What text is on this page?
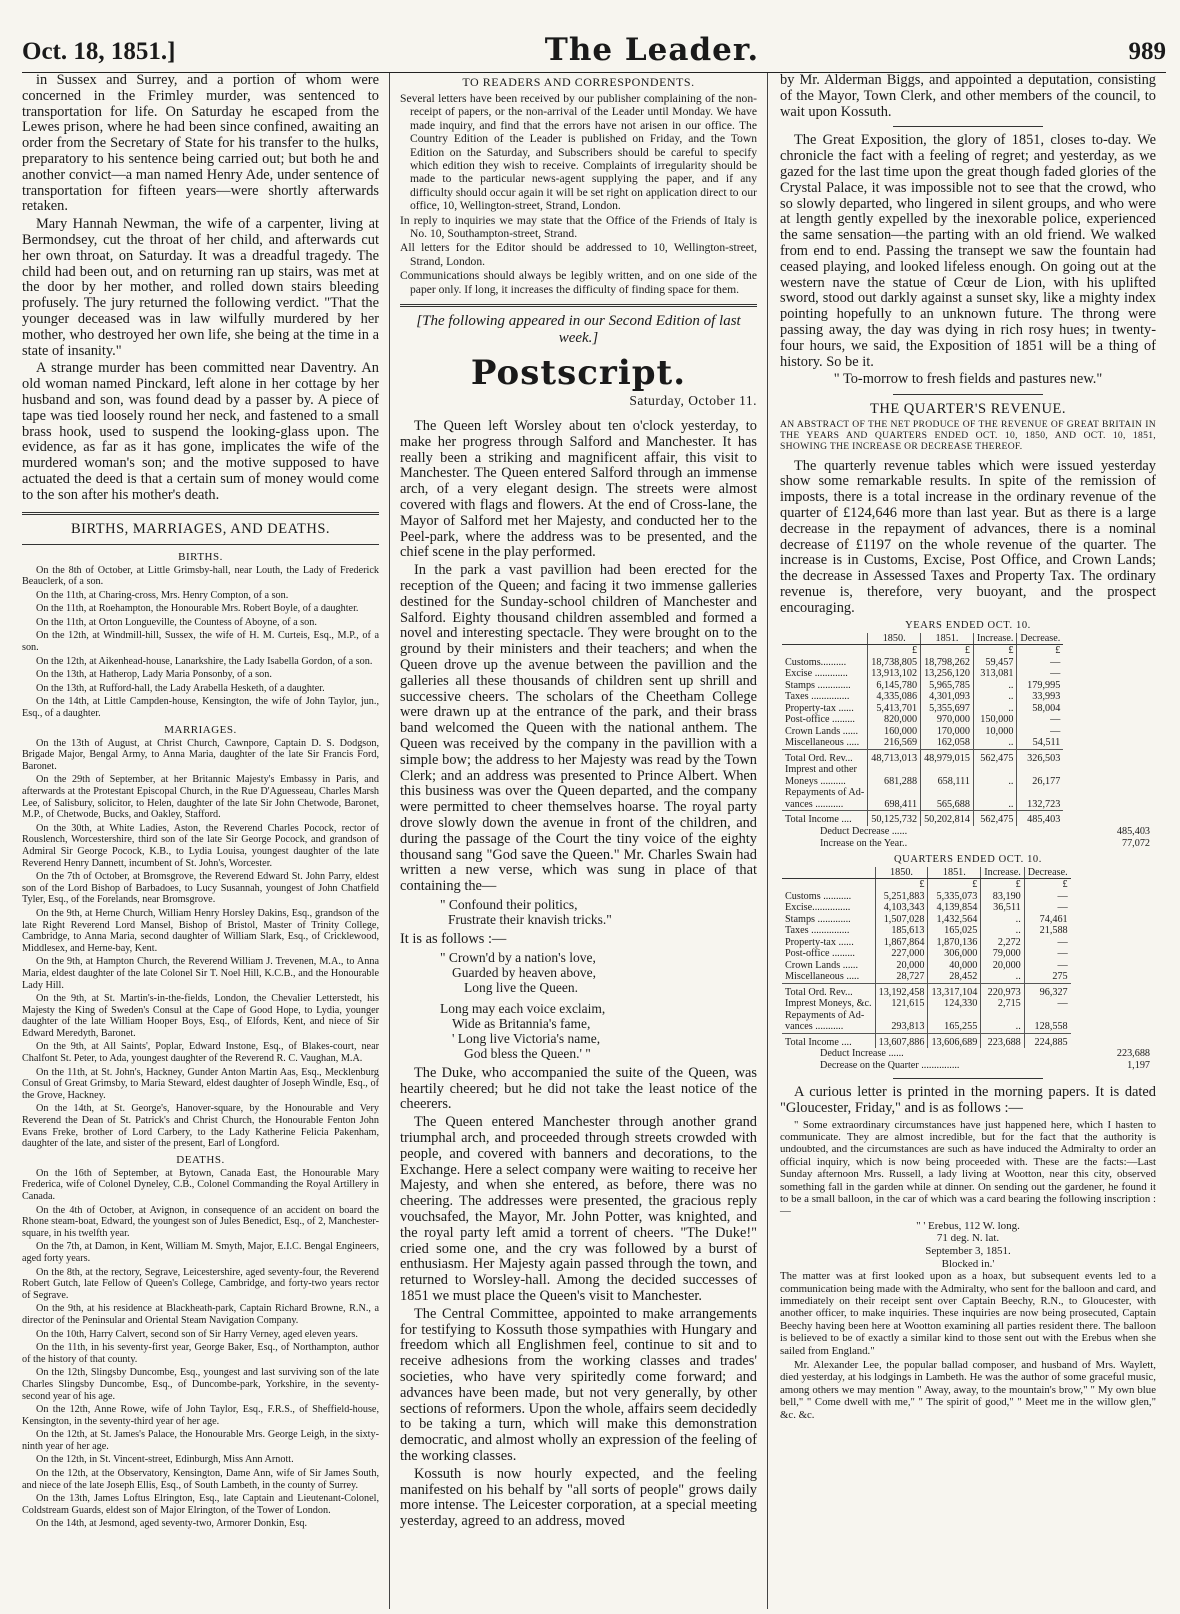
Oct. 18, 1851.]	The Leader.	989

in Sussex and Surrey, and a portion of whom were concerned in the Frimley murder, was sentenced to transportation for life. On Saturday he escaped from the Lewes prison, where he had been since confined, awaiting an order from the Secretary of State for his transfer to the hulks, preparatory to his sentence being carried out; but both he and another convict—a man named Henry Ade, under sentence of transportation for fifteen years—were shortly afterwards retaken.

Mary Hannah Newman, the wife of a carpenter, living at Bermondsey, cut the throat of her child, and afterwards cut her own throat, on Saturday. It was a dreadful tragedy. The child had been out, and on returning ran up stairs, was met at the door by her mother, and rolled down stairs bleeding profusely. The jury returned the following verdict. "That the younger deceased was in law wilfully murdered by her mother, who destroyed her own life, she being at the time in a state of insanity."

A strange murder has been committed near Daventry. An old woman named Pinckard, left alone in her cottage by her husband and son, was found dead by a passer by. A piece of tape was tied loosely round her neck, and fastened to a small brass hook, used to suspend the looking-glass upon. The evidence, as far as it has gone, implicates the wife of the murdered woman's son; and the motive supposed to have actuated the deed is that a certain sum of money would come to the son after his mother's death.

BIRTHS, MARRIAGES, AND DEATHS.
BIRTHS.

On the 8th of October, at Little Grimsby-hall, near Louth, the Lady of Frederick Beauclerk, of a son.

On the 11th, at Charing-cross, Mrs. Henry Compton, of a son.

On the 11th, at Roehampton, the Honourable Mrs. Robert Boyle, of a daughter.

On the 11th, at Orton Longueville, the Countess of Aboyne, of a son.

On the 12th, at Windmill-hill, Sussex, the wife of H. M. Curteis, Esq., M.P., of a son.

On the 12th, at Aikenhead-house, Lanarkshire, the Lady Isabella Gordon, of a son.

On the 13th, at Hatherop, Lady Maria Ponsonby, of a son.

On the 13th, at Rufford-hall, the Lady Arabella Hesketh, of a daughter.

On the 14th, at Little Campden-house, Kensington, the wife of John Taylor, jun., Esq., of a daughter.

MARRIAGES.

On the 13th of August, at Christ Church, Cawnpore, Captain D. S. Dodgson, Brigade Major, Bengal Army, to Anna Maria, daughter of the late Sir Francis Ford, Baronet.

On the 29th of September, at her Britannic Majesty's Embassy in Paris, and afterwards at the Protestant Episcopal Church, in the Rue D'Aguesseau, Charles Marsh Lee, of Salisbury, solicitor, to Helen, daughter of the late Sir John Chetwode, Baronet, M.P., of Chetwode, Bucks, and Oakley, Stafford.

On the 30th, at White Ladies, Aston, the Reverend Charles Pocock, rector of Rouslench, Worcestershire, third son of the late Sir George Pocock, and grandson of Admiral Sir George Pocock, K.B., to Lydia Louisa, youngest daughter of the late Reverend Henry Dannett, incumbent of St. John's, Worcester.

On the 7th of October, at Bromsgrove, the Reverend Edward St. John Parry, eldest son of the Lord Bishop of Barbadoes, to Lucy Susannah, youngest of John Chatfield Tyler, Esq., of the Forelands, near Bromsgrove.

On the 9th, at Herne Church, William Henry Horsley Dakins, Esq., grandson of the late Right Reverend Lord Mansel, Bishop of Bristol, Master of Trinity College, Cambridge, to Anna Maria, second daughter of William Slark, Esq., of Cricklewood, Middlesex, and Herne-bay, Kent.

On the 9th, at Hampton Church, the Reverend William J. Trevenen, M.A., to Anna Maria, eldest daughter of the late Colonel Sir T. Noel Hill, K.C.B., and the Honourable Lady Hill.

On the 9th, at St. Martin's-in-the-fields, London, the Chevalier Letterstedt, his Majesty the King of Sweden's Consul at the Cape of Good Hope, to Lydia, younger daughter of the late William Hooper Boys, Esq., of Elfords, Kent, and niece of Sir Edward Meredyth, Baronet.

On the 9th, at All Saints', Poplar, Edward Instone, Esq., of Blakes-court, near Chalfont St. Peter, to Ada, youngest daughter of the Reverend R. C. Vaughan, M.A.

On the 11th, at St. John's, Hackney, Gunder Anton Martin Aas, Esq., Mecklenburg Consul of Great Grimsby, to Maria Steward, eldest daughter of Joseph Windle, Esq., of the Grove, Hackney.

On the 14th, at St. George's, Hanover-square, by the Honourable and Very Reverend the Dean of St. Patrick's and Christ Church, the Honourable Fenton John Evans Freke, brother of Lord Carbery, to the Lady Katherine Felicia Pakenham, daughter of the late, and sister of the present, Earl of Longford.

DEATHS.

On the 16th of September, at Bytown, Canada East, the Honourable Mary Frederica, wife of Colonel Dyneley, C.B., Colonel Commanding the Royal Artillery in Canada.

On the 4th of October, at Avignon, in consequence of an accident on board the Rhone steam-boat, Edward, the youngest son of Jules Benedict, Esq., of 2, Manchester-square, in his twelfth year.

On the 7th, at Damon, in Kent, William M. Smyth, Major, E.I.C. Bengal Engineers, aged forty years.

On the 8th, at the rectory, Segrave, Leicestershire, aged seventy-four, the Reverend Robert Gutch, late Fellow of Queen's College, Cambridge, and forty-two years rector of Segrave.

On the 9th, at his residence at Blackheath-park, Captain Richard Browne, R.N., a director of the Peninsular and Oriental Steam Navigation Company.

On the 10th, Harry Calvert, second son of Sir Harry Verney, aged eleven years.

On the 11th, in his seventy-first year, George Baker, Esq., of Northampton, author of the history of that county.

On the 12th, Slingsby Duncombe, Esq., youngest and last surviving son of the late Charles Slingsby Duncombe, Esq., of Duncombe-park, Yorkshire, in the seventy-second year of his age.

On the 12th, Anne Rowe, wife of John Taylor, Esq., F.R.S., of Sheffield-house, Kensington, in the seventy-third year of her age.

On the 12th, at St. James's Palace, the Honourable Mrs. George Leigh, in the sixty-ninth year of her age.

On the 12th, in St. Vincent-street, Edinburgh, Miss Ann Arnott.

On the 12th, at the Observatory, Kensington, Dame Ann, wife of Sir James South, and niece of the late Joseph Ellis, Esq., of South Lambeth, in the county of Surrey.

On the 13th, James Loftus Elrington, Esq., late Captain and Lieutenant-Colonel, Coldstream Guards, eldest son of Major Elrington, of the Tower of London.

On the 14th, at Jesmond, aged seventy-two, Armorer Donkin, Esq.

TO READERS AND CORRESPONDENTS.

Several letters have been received by our publisher complaining of the non-receipt of papers, or the non-arrival of the Leader until Monday. We have made inquiry, and find that the errors have not arisen in our office. The Country Edition of the Leader is published on Friday, and the Town Edition on the Saturday, and Subscribers should be careful to specify which edition they wish to receive. Complaints of irregularity should be made to the particular news-agent supplying the paper, and if any difficulty should occur again it will be set right on application direct to our office, 10, Wellington-street, Strand, London.

In reply to inquiries we may state that the Office of the Friends of Italy is No. 10, Southampton-street, Strand.

All letters for the Editor should be addressed to 10, Wellington-street, Strand, London.

Communications should always be legibly written, and on one side of the paper only. If long, it increases the difficulty of finding space for them.

[The following appeared in our Second Edition of last week.]
Postscript.
Saturday, October 11.

The Queen left Worsley about ten o'clock yesterday, to make her progress through Salford and Manchester. It has really been a striking and magnificent affair, this visit to Manchester. The Queen entered Salford through an immense arch, of a very elegant design. The streets were almost covered with flags and flowers. At the end of Cross-lane, the Mayor of Salford met her Majesty, and conducted her to the Peel-park, where the address was to be presented, and the chief scene in the play performed.

In the park a vast pavillion had been erected for the reception of the Queen; and facing it two immense galleries destined for the Sunday-school children of Manchester and Salford. Eighty thousand children assembled and formed a novel and interesting spectacle. They were brought on to the ground by their ministers and their teachers; and when the Queen drove up the avenue between the pavillion and the galleries all these thousands of children sent up shrill and successive cheers. The scholars of the Cheetham College were drawn up at the entrance of the park, and their brass band welcomed the Queen with the national anthem. The Queen was received by the company in the pavillion with a simple bow; the address to her Majesty was read by the Town Clerk; and an address was presented to Prince Albert. When this business was over the Queen departed, and the company were permitted to cheer themselves hoarse. The royal party drove slowly down the avenue in front of the children, and during the passage of the Court the tiny voice of the eighty thousand sang "God save the Queen." Mr. Charles Swain had written a new verse, which was sung in place of that containing the—

" Confound their politics,
Frustrate their knavish tricks."

It is as follows :—

" Crown'd by a nation's love,
Guarded by heaven above,
Long live the Queen.
Long may each voice exclaim,
Wide as Britannia's fame,
' Long live Victoria's name,
God bless the Queen.' "

The Duke, who accompanied the suite of the Queen, was heartily cheered; but he did not take the least notice of the cheerers.

The Queen entered Manchester through another grand triumphal arch, and proceeded through streets crowded with people, and covered with banners and decorations, to the Exchange. Here a select company were waiting to receive her Majesty, and when she entered, as before, there was no cheering. The addresses were presented, the gracious reply vouchsafed, the Mayor, Mr. John Potter, was knighted, and the royal party left amid a torrent of cheers. "The Duke!" cried some one, and the cry was followed by a burst of enthusiasm. Her Majesty again passed through the town, and returned to Worsley-hall. Among the decided successes of 1851 we must place the Queen's visit to Manchester.

The Central Committee, appointed to make arrangements for testifying to Kossuth those sympathies with Hungary and freedom which all Englishmen feel, continue to sit and to receive adhesions from the working classes and trades' societies, who have very spiritedly come forward; and advances have been made, but not very generally, by other sections of reformers. Upon the whole, affairs seem decidedly to be taking a turn, which will make this demonstration democratic, and almost wholly an expression of the feeling of the working classes.

Kossuth is now hourly expected, and the feeling manifested on his behalf by "all sorts of people" grows daily more intense. The Leicester corporation, at a special meeting yesterday, agreed to an address, moved

by Mr. Alderman Biggs, and appointed a deputation, consisting of the Mayor, Town Clerk, and other members of the council, to wait upon Kossuth.

The Great Exposition, the glory of 1851, closes to-day. We chronicle the fact with a feeling of regret; and yesterday, as we gazed for the last time upon the great though faded glories of the Crystal Palace, it was impossible not to see that the crowd, who so slowly departed, who lingered in silent groups, and who were at length gently expelled by the inexorable police, experienced the same sensation—the parting with an old friend. We walked from end to end. Passing the transept we saw the fountain had ceased playing, and looked lifeless enough. On going out at the western nave the statue of Cœur de Lion, with his uplifted sword, stood out darkly against a sunset sky, like a mighty index pointing hopefully to an unknown future. The throng were passing away, the day was dying in rich rosy hues; in twenty-four hours, we said, the Exposition of 1851 will be a thing of history. So be it.

" To-morrow to fresh fields and pastures new."

THE QUARTER'S REVENUE.
AN ABSTRACT OF THE NET PRODUCE OF THE REVENUE OF GREAT BRITAIN IN THE YEARS AND QUARTERS ENDED OCT. 10, 1850, AND OCT. 10, 1851, SHOWING THE INCREASE OR DECREASE THEREOF.

The quarterly revenue tables which were issued yesterday show some remarkable results. In spite of the remission of imposts, there is a total increase in the ordinary revenue of the quarter of £124,646 more than last year. But as there is a large decrease in the repayment of advances, there is a nominal decrease of £1197 on the whole revenue of the quarter. The increase is in Customs, Excise, Post Office, and Crown Lands; the decrease in Assessed Taxes and Property Tax. The ordinary revenue is, therefore, very buoyant, and the prospect encouraging.

YEARS ENDED OCT. 10.
	1850.	1851.	Increase.	Decrease.
	£	£	£	£
Customs..........	18,738,805	18,798,262	59,457	—
Excise .............	13,913,102	13,256,120	313,081	—
Stamps .............	6,145,780	5,965,785	..	179,995
Taxes ...............	4,335,086	4,301,093	..	33,993
Property-tax ......	5,413,701	5,355,697	..	58,004
Post-office .........	820,000	970,000	150,000	—
Crown Lands ......	160,000	170,000	10,000	—
Miscellaneous .....	216,569	162,058	..	54,511
Total Ord. Rev...	48,713,013	48,979,015	562,475	326,503
Imprest and other				
Moneys ..........	681,288	658,111	..	26,177
Repayments of Ad-				
vances ...........	698,411	565,688	..	132,723
Total Income ....	50,125,732	50,202,814	562,475	485,403
Deduct Decrease ......	485,403
Increase on the Year..	77,072
QUARTERS ENDED OCT. 10.
	1850.	1851.	Increase.	Decrease.
	£	£	£	£
Customs ...........	5,251,883	5,335,073	83,190	—
Excise...............	4,103,343	4,139,854	36,511	—
Stamps .............	1,507,028	1,432,564	..	74,461
Taxes ...............	185,613	165,025	..	21,588
Property-tax ......	1,867,864	1,870,136	2,272	—
Post-office .........	227,000	306,000	79,000	—
Crown Lands ......	20,000	40,000	20,000	—
Miscellaneous .....	28,727	28,452	..	275
Total Ord. Rev...	13,192,458	13,317,104	220,973	96,327
Imprest Moneys, &c.	121,615	124,330	2,715	—
Repayments of Ad-				
vances ...........	293,813	165,255	..	128,558
Total Income ....	13,607,886	13,606,689	223,688	224,885
Deduct Increase ......	223,688
Decrease on the Quarter ...............	1,197

A curious letter is printed in the morning papers. It is dated "Gloucester, Friday," and is as follows :—

" Some extraordinary circumstances have just happened here, which I hasten to communicate. They are almost incredible, but for the fact that the authority is undoubted, and the circumstances are such as have induced the Admiralty to order an official inquiry, which is now being proceeded with. These are the facts:—Last Sunday afternoon Mrs. Russell, a lady living at Wootton, near this city, observed something fall in the garden while at dinner. On sending out the gardener, he found it to be a small balloon, in the car of which was a card bearing the following inscription :—

" ' Erebus, 112 W. long.
71 deg. N. lat.
September 3, 1851.
Blocked in.'

The matter was at first looked upon as a hoax, but subsequent events led to a communication being made with the Admiralty, who sent for the balloon and card, and immediately on their receipt sent over Captain Beechy, R.N., to Gloucester, with another officer, to make inquiries. These inquiries are now being prosecuted, Captain Beechy having been here at Wootton examining all parties resident there. The balloon is believed to be of exactly a similar kind to those sent out with the Erebus when she sailed from England."

Mr. Alexander Lee, the popular ballad composer, and husband of Mrs. Waylett, died yesterday, at his lodgings in Lambeth. He was the author of some graceful music, among others we may mention " Away, away, to the mountain's brow," " My own blue bell," " Come dwell with me," " The spirit of good," " Meet me in the willow glen," &c. &c.
